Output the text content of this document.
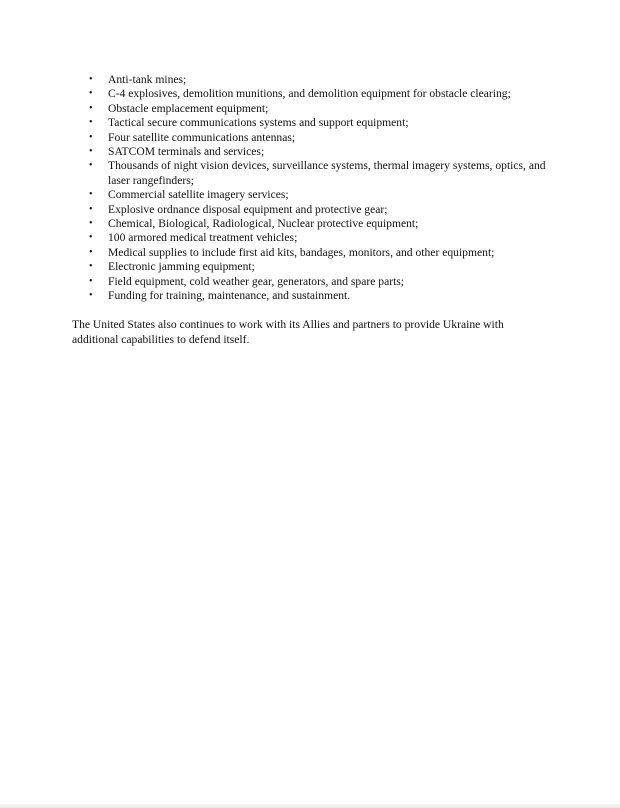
• Anti-tank mines;
• C-4 explosives, demolition munitions, and demolition equipment for obstacle clearing;
• Obstacle emplacement equipment;
• Tactical secure communications systems and support equipment;
• Four satellite communications antennas;
• SATCOM terminals and services;
• Thousands of night vision devices, surveillance systems, thermal imagery systems, optics, and laser rangefinders;
• Commercial satellite imagery services;
• Explosive ordnance disposal equipment and protective gear;
• Chemical, Biological, Radiological, Nuclear protective equipment;
• 100 armored medical treatment vehicles;
• Medical supplies to include first aid kits, bandages, monitors, and other equipment;
• Electronic jamming equipment;
• Field equipment, cold weather gear, generators, and spare parts;
• Funding for training, maintenance, and sustainment.

The United States also continues to work with its Allies and partners to provide Ukraine with additional capabilities to defend itself.
